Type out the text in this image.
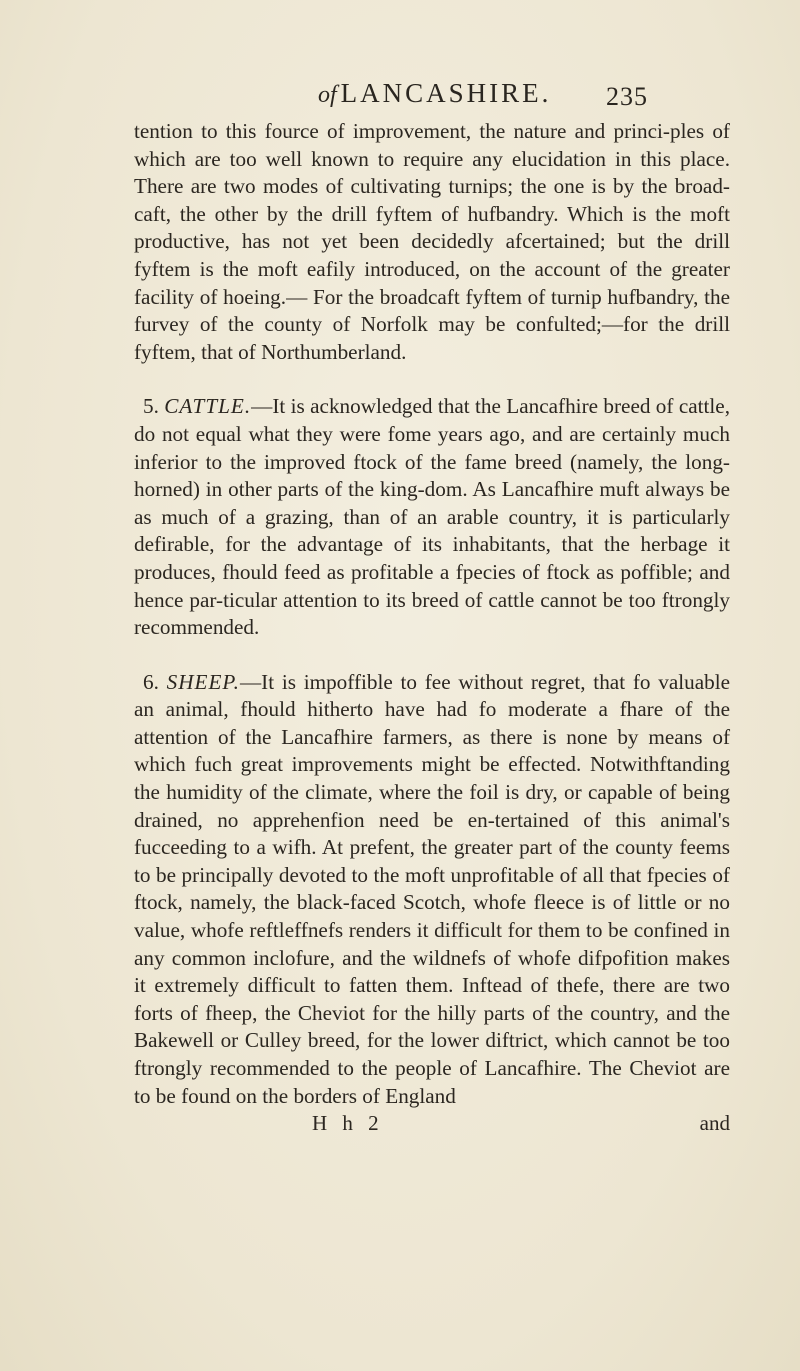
of LANCASHIRE. 235

tention to this fource of improvement, the nature and princi-ples of which are too well known to require any elucidation in this place. There are two modes of cultivating turnips; the one is by the broad-caft, the other by the drill fyftem of hufbandry. Which is the moft productive, has not yet been decidedly afcertained; but the drill fyftem is the moft eafily introduced, on the account of the greater facility of hoeing.— For the broadcaft fyftem of turnip hufbandry, the furvey of the county of Norfolk may be confulted;—for the drill fyftem, that of Northumberland.

5. CATTLE.—It is acknowledged that the Lancafhire breed of cattle, do not equal what they were fome years ago, and are certainly much inferior to the improved ftock of the fame breed (namely, the long-horned) in other parts of the king-dom. As Lancafhire muft always be as much of a grazing, than of an arable country, it is particularly defirable, for the advantage of its inhabitants, that the herbage it produces, fhould feed as profitable a fpecies of ftock as poffible; and hence par-ticular attention to its breed of cattle cannot be too ftrongly recommended.

6. SHEEP.—It is impoffible to fee without regret, that fo valuable an animal, fhould hitherto have had fo moderate a fhare of the attention of the Lancafhire farmers, as there is none by means of which fuch great improvements might be effected. Notwithftanding the humidity of the climate, where the foil is dry, or capable of being drained, no apprehenfion need be en-tertained of this animal's fucceeding to a wifh. At prefent, the greater part of the county feems to be principally devoted to the moft unprofitable of all that fpecies of ftock, namely, the black-faced Scotch, whofe fleece is of little or no value, whofe reftleffnefs renders it difficult for them to be confined in any common inclofure, and the wildnefs of whofe difpofition makes it extremely difficult to fatten them. Inftead of thefe, there are two forts of fheep, the Cheviot for the hilly parts of the country, and the Bakewell or Culley breed, for the lower diftrict, which cannot be too ftrongly recommended to the people of Lancafhire. The Cheviot are to be found on the borders of England

H h 2	and
